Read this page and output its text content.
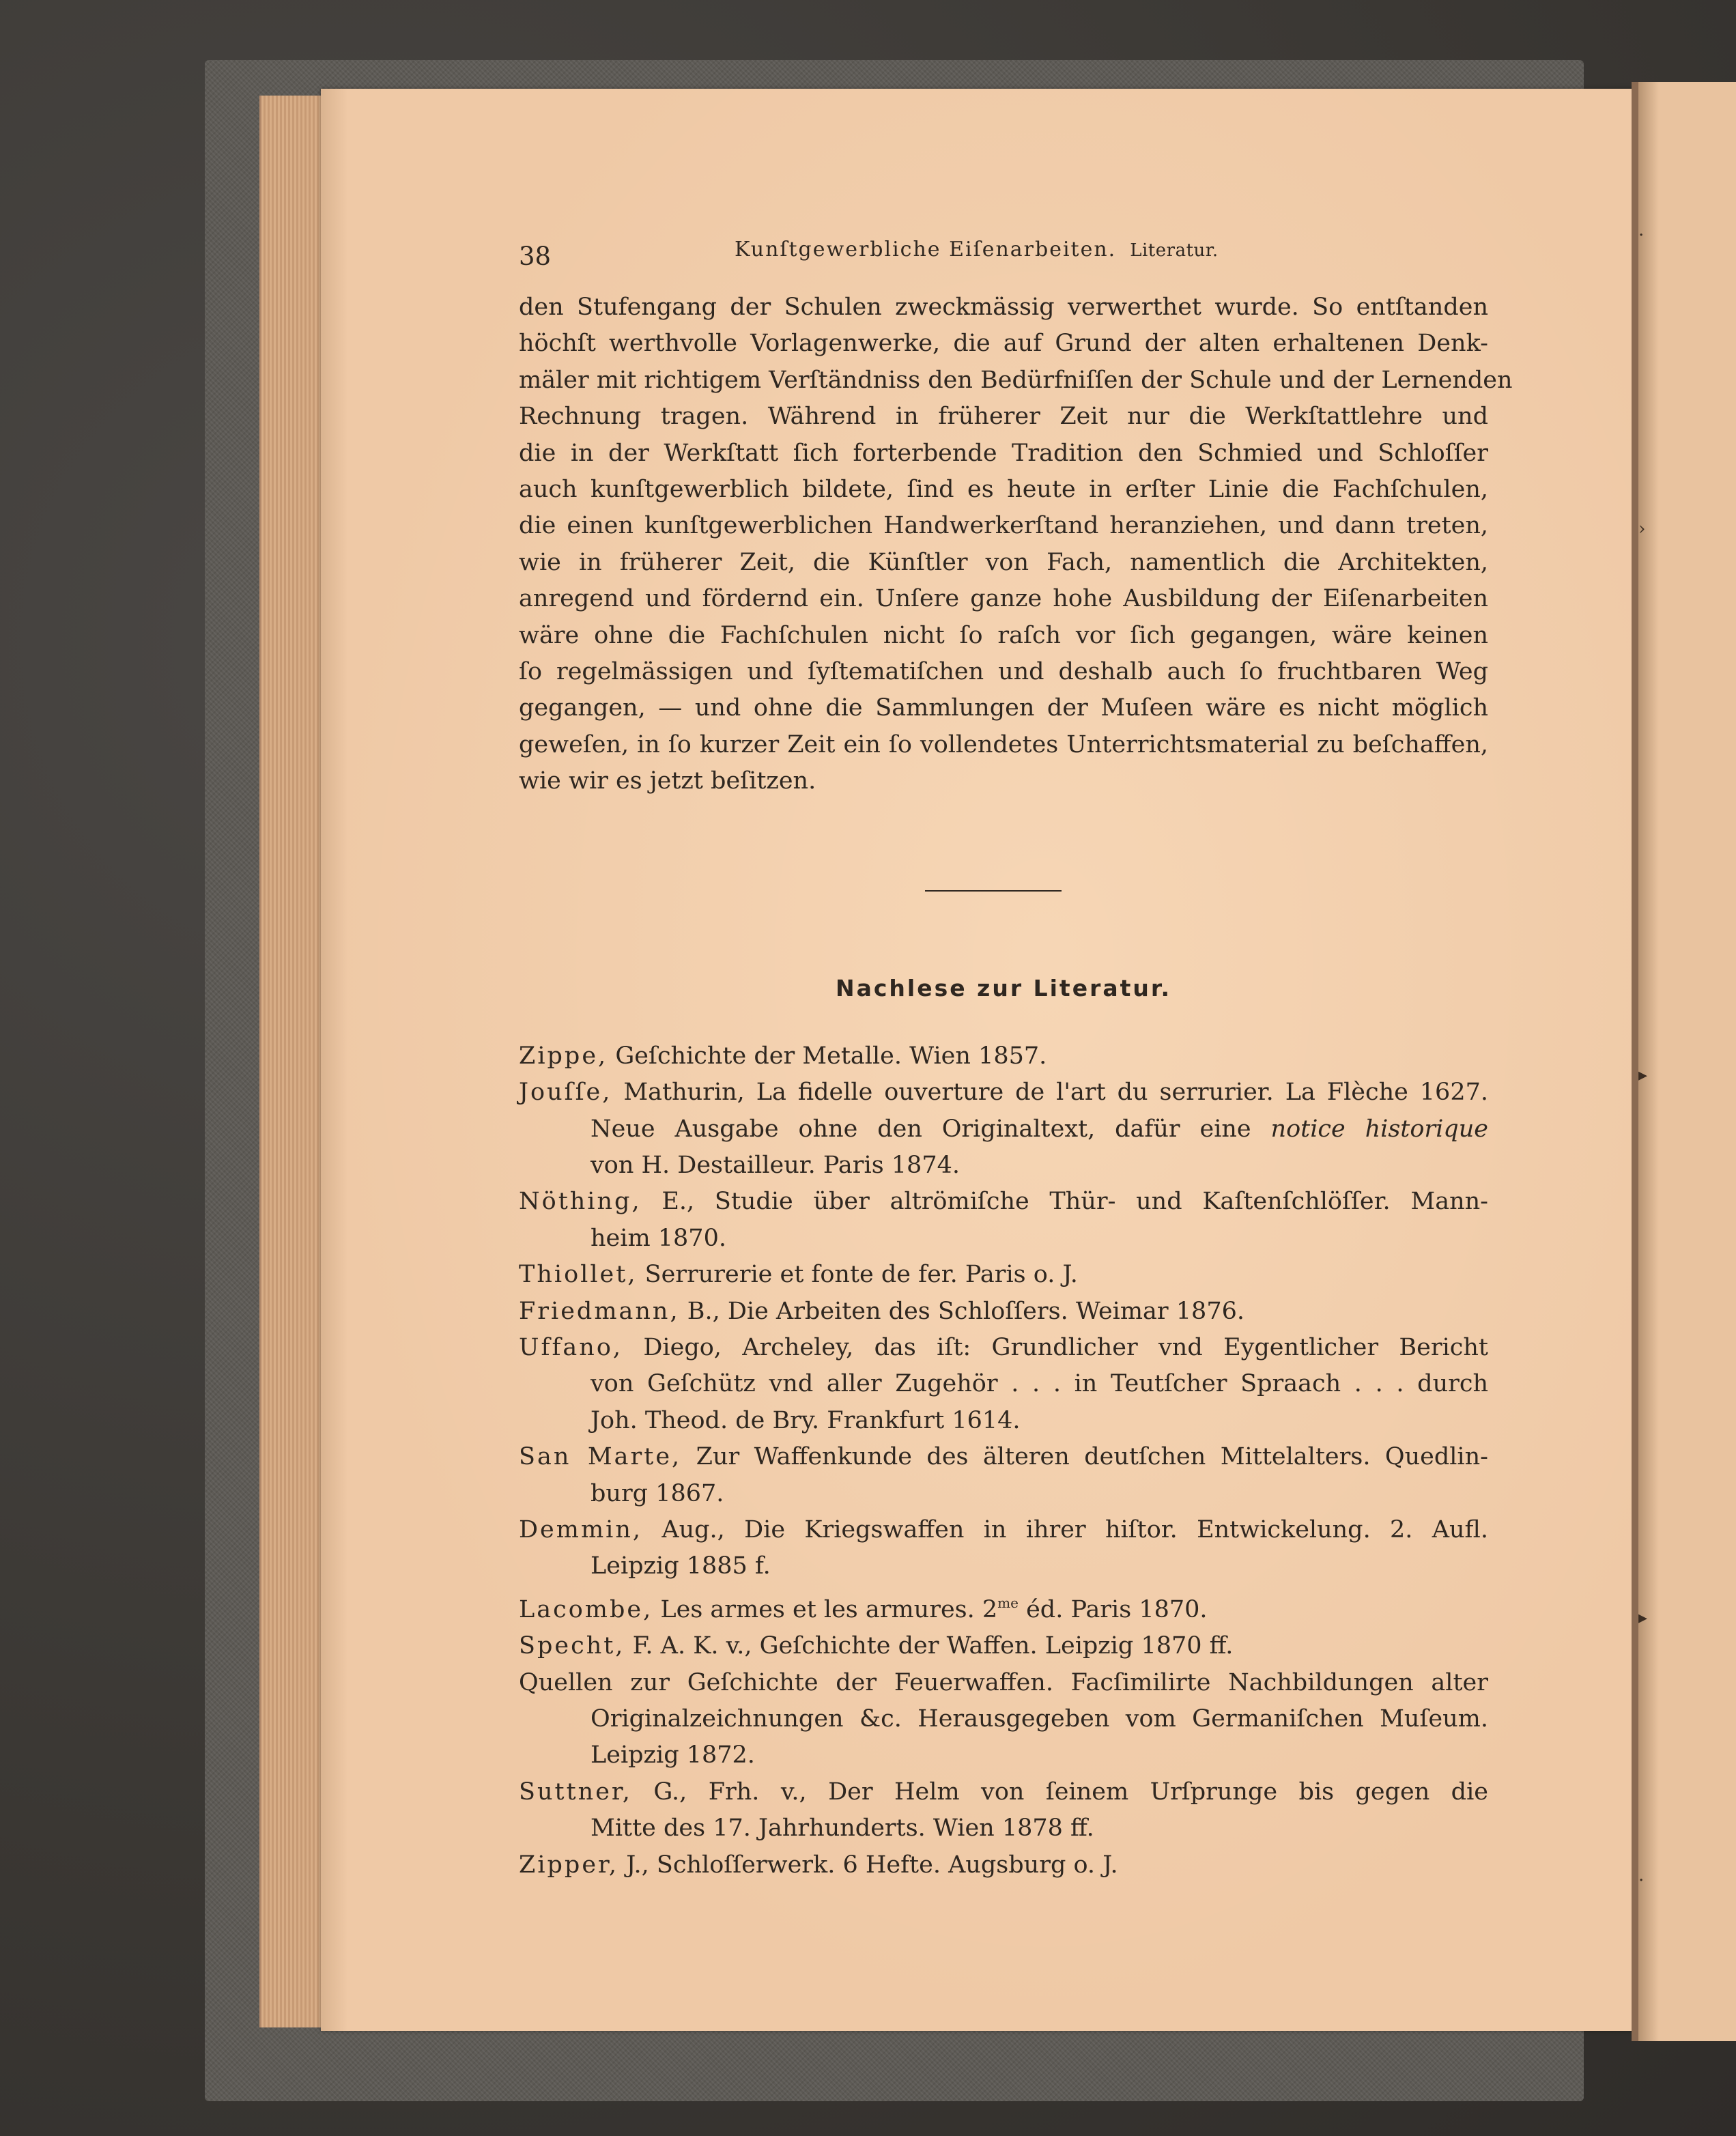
·
›
▸
▸
·
38	Kunſtgewerbliche Eiſenarbeiten. Literatur.
den Stufengang der Schulen zweckmässig verwerthet wurde. So entſtanden
höchſt werthvolle Vorlagenwerke, die auf Grund der alten erhaltenen Denk-
mäler mit richtigem Verſtändniss den Bedürfniſſen der Schule und der Lernenden
Rechnung tragen. Während in früherer Zeit nur die Werkſtattlehre und
die in der Werkſtatt ſich forterbende Tradition den Schmied und Schloſſer
auch kunſtgewerblich bildete, ſind es heute in erſter Linie die Fachſchulen,
die einen kunſtgewerblichen Handwerkerſtand heranziehen, und dann treten,
wie in früherer Zeit, die Künſtler von Fach, namentlich die Architekten,
anregend und fördernd ein. Unſere ganze hohe Ausbildung der Eiſenarbeiten
wäre ohne die Fachſchulen nicht ſo raſch vor ſich gegangen, wäre keinen
ſo regelmässigen und ſyſtematiſchen und deshalb auch ſo fruchtbaren Weg
gegangen, — und ohne die Sammlungen der Muſeen wäre es nicht möglich
geweſen, in ſo kurzer Zeit ein ſo vollendetes Unterrichtsmaterial zu beſchaffen,
wie wir es jetzt beſitzen.
Nachlese zur Literatur.
Zippe, Geſchichte der Metalle. Wien 1857.
Jouſſe, Mathurin, La fidelle ouverture de l'art du serrurier. La Flèche 1627.
Neue Ausgabe ohne den Originaltext, dafür eine notice historique
von H. Destailleur. Paris 1874.
Nöthing, E., Studie über altrömiſche Thür- und Kaſtenſchlöſſer. Mann-
heim 1870.
Thiollet, Serrurerie et fonte de fer. Paris o. J.
Friedmann, B., Die Arbeiten des Schloſſers. Weimar 1876.
Uffano, Diego, Archeley, das iſt: Grundlicher vnd Eygentlicher Bericht
von Geſchütz vnd aller Zugehör . . . in Teutſcher Spraach . . . durch
Joh. Theod. de Bry. Frankfurt 1614.
San Marte, Zur Waffenkunde des älteren deutſchen Mittelalters. Quedlin-
burg 1867.
Demmin, Aug., Die Kriegswaffen in ihrer hiſtor. Entwickelung. 2. Aufl.
Leipzig 1885 f.
Lacombe, Les armes et les armures. $2^{me}$ éd. Paris 1870.
Specht, F. A. K. v., Geſchichte der Waffen. Leipzig 1870 ff.
Quellen zur Geſchichte der Feuerwaffen. Facſimilirte Nachbildungen alter
Originalzeichnungen &c. Herausgegeben vom Germaniſchen Muſeum.
Leipzig 1872.
Suttner, G., Frh. v., Der Helm von ſeinem Urſprunge bis gegen die
Mitte des 17. Jahrhunderts. Wien 1878 ff.
Zipper, J., Schloſſerwerk. 6 Hefte. Augsburg o. J.
